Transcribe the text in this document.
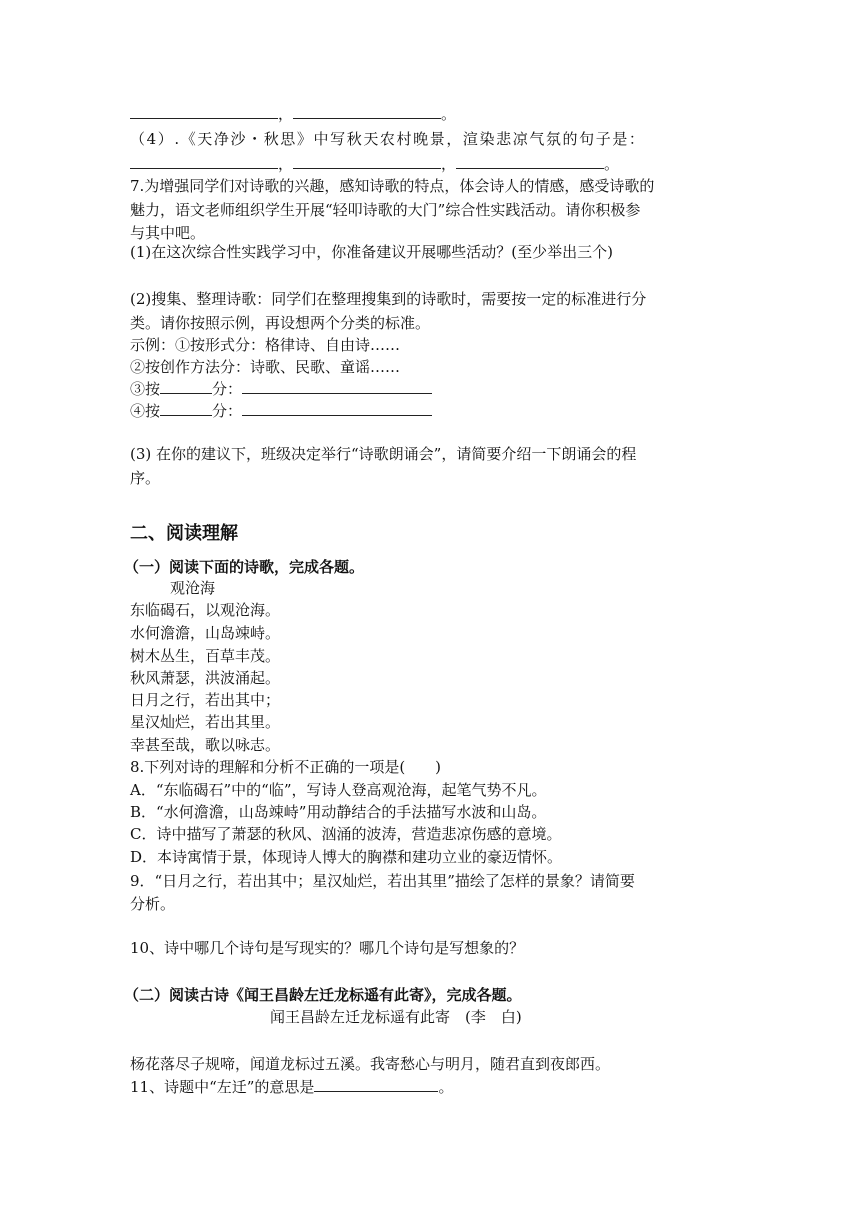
，	。
（4）.《天净沙・秋思》中写秋天农村晚景，渲染悲凉气氛的句子是：
，	，	。
7.为增强同学们对诗歌的兴趣，感知诗歌的特点，体会诗人的情感，感受诗歌的
魅力，语文老师组织学生开展“轻叩诗歌的大门”综合性实践活动。请你积极参
与其中吧。
(1)在这次综合性实践学习中，你准备建议开展哪些活动？(至少举出三个)
(2)搜集、整理诗歌：同学们在整理搜集到的诗歌时，需要按一定的标准进行分
类。请你按照示例，再设想两个分类的标准。
示例：①按形式分：格律诗、自由诗……
②按创作方法分：诗歌、民歌、童谣……
③按	分：
④按	分：
(3) 在你的建议下，班级决定举行“诗歌朗诵会”，请简要介绍一下朗诵会的程
序。
二、阅读理解
（一）阅读下面的诗歌，完成各题。
观沧海
东临碣石，以观沧海。
水何澹澹，山岛竦峙。
树木丛生，百草丰茂。
秋风萧瑟，洪波涌起。
日月之行，若出其中；
星汉灿烂，若出其里。
幸甚至哉，歌以咏志。
8.下列对诗的理解和分析不正确的一项是(　　)
A．“东临碣石”中的“临”，写诗人登高观沧海，起笔气势不凡。
B．“水何澹澹，山岛竦峙”用动静结合的手法描写水波和山岛。
C．诗中描写了萧瑟的秋风、汹涌的波涛，营造悲凉伤感的意境。
D．本诗寓情于景，体现诗人博大的胸襟和建功立业的豪迈情怀。
9．“日月之行，若出其中；星汉灿烂，若出其里”描绘了怎样的景象？请简要
分析。
10、诗中哪几个诗句是写现实的？哪几个诗句是写想象的？
（二）阅读古诗《闻王昌龄左迁龙标遥有此寄》，完成各题。
闻王昌龄左迁龙标遥有此寄　(李　白)
杨花落尽子规啼，闻道龙标过五溪。我寄愁心与明月，随君直到夜郎西。
11、诗题中“左迁”的意思是	。
